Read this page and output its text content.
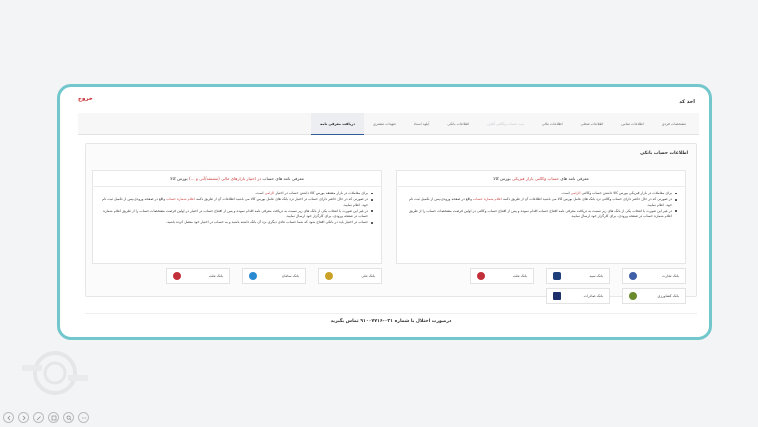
اخذ کد
خروج
مشخصات فردی
اطلاعات تماس
اطلاعات شغلی
اطلاعات مالی
ثبت حساب وکالتی آنلاین
اطلاعات بانکی
آپلود اسناد
تعهدات مشتری
دریافت معرفی نامه
اطلاعات حساب بانکی
معرفی نامه های حساب وکالتی بازار فیزیکی بورس کالا
برای معاملات در بازار فیزیکی بورس کالا داشتن حساب وکالتی الزامی است.
در صورتی که در حال حاضر دارای حساب وکالتی نزد بانک های عامل بورس کالا می باشید اطلاعات آن از طریق دکمه اعلام شماره حساب واقع در صفحه ورودی،پس از تکمیل ثبت نام خود، اعلام نمایید.
در غیر این صورت با انتخاب یکی از بانک های زیر نسبت به دریافت معرفی نامه افتتاح حساب اقدام نموده و پس از افتتاح حساب وکالتی در اولین فرصت مشخصات حساب را از طریق اعلام شماره حساب در صفحه ورودی، برای کارگزار خود ارسال نمایید.
معرفی نامه های حساب در اختیار بازارهای مالی (مشتقه/آتی و ...) بورس کالا
برای معاملات در بازار مشتقه بورس کالا داشتن حساب در اختیار الزامی است.
در صورتی که در حال حاضر دارای حساب در اختیار نزد بانک های عامل بورس کالا می باشید اطلاعات آن از طریق دکمه اعلام شماره حساب واقع در صفحه ورودی،پس از تکمیل ثبت نام خود، اعلام نمایید.
در غیر این صورت با انتخاب یکی از بانک های زیر نسبت به دریافت معرفی نامه اقدام نموده و پس از افتتاح حساب در اختیار در اولین فرصت مشخصات حساب را از طریق اعلام شماره حساب در صفحه ورودی، برای کارگزار خود ارسال نمایید.
حساب در اختیار باید در بانکی افتتاح شود که شما حساب عادی دیگری نزد آن بانک داشته باشید و به حساب در اختیار خود متصل کرده باشید.
بانک تجارت
بانک سپه
بانک ملت
بانک کشاورزی
بانک صادرات
بانک ملی
بانک سامان
بانک ملت
درصورت اختلال با شماره ۰۲۱-۹۱۰۰۷۷۱۶ تماس بگیرید
